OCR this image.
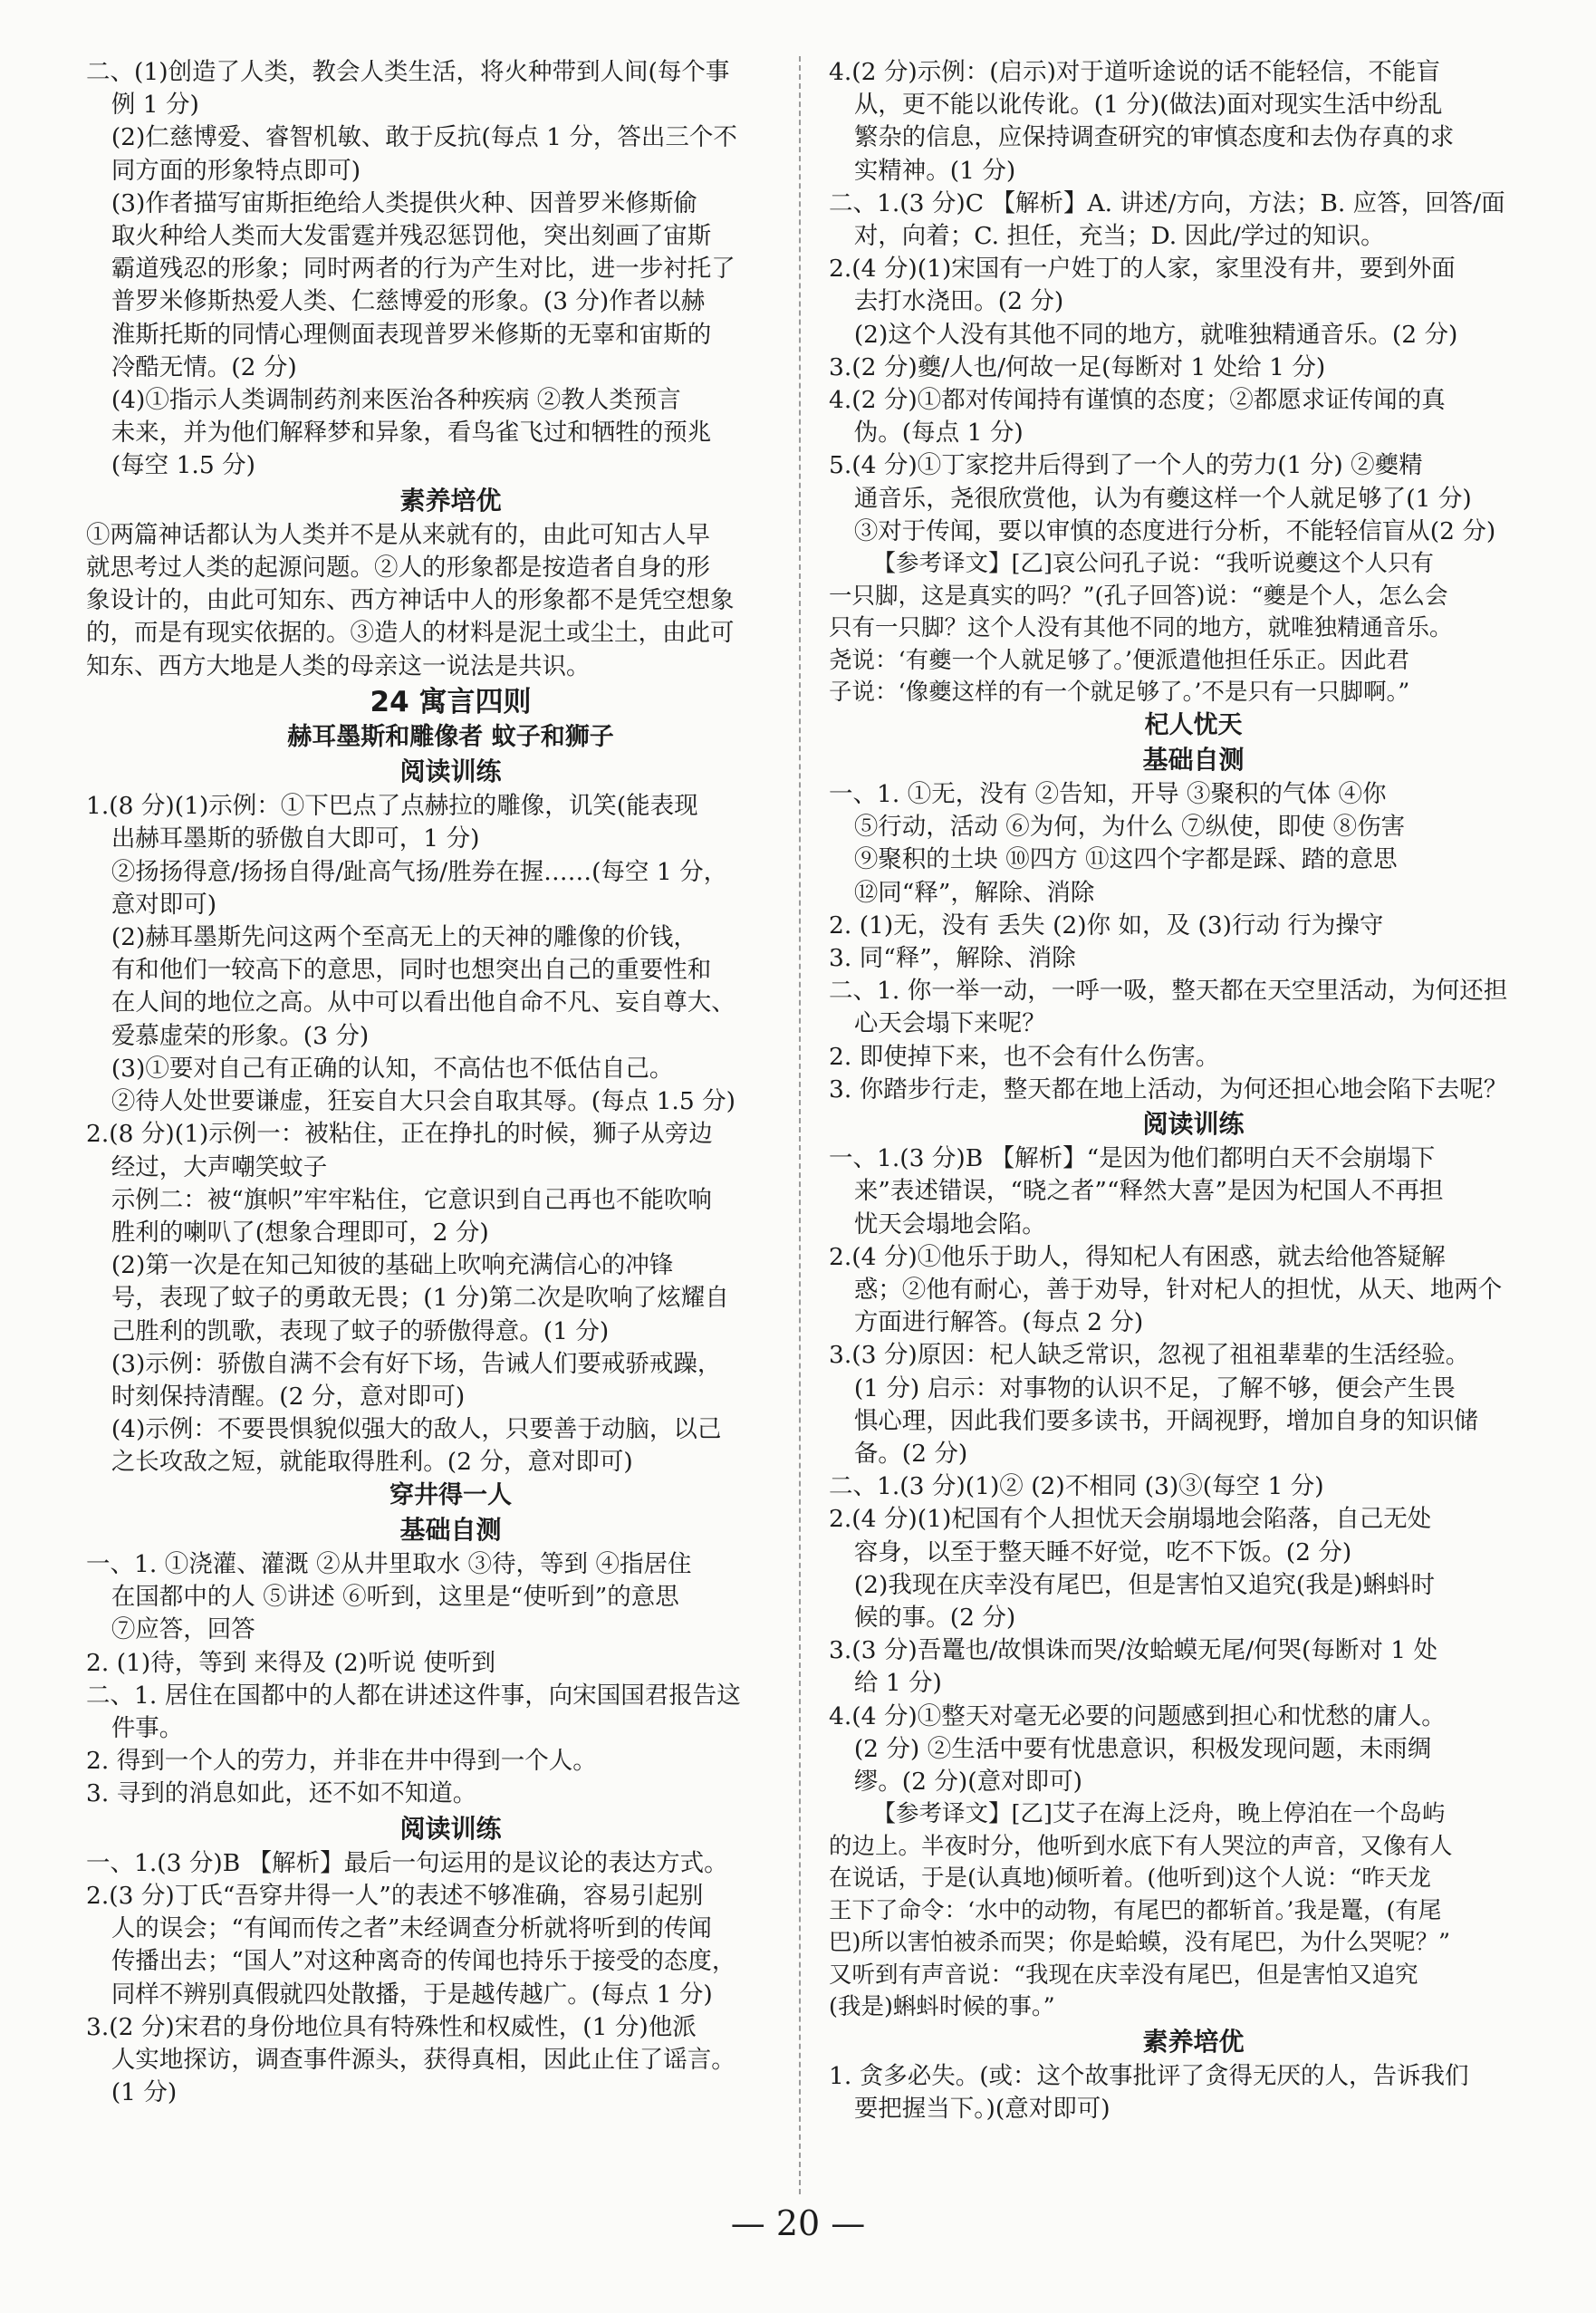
二、(1)创造了人类，教会人类生活，将火种带到人间(每个事

例 1 分)

(2)仁慈博爱、睿智机敏、敢于反抗(每点 1 分，答出三个不

同方面的形象特点即可)

(3)作者描写宙斯拒绝给人类提供火种、因普罗米修斯偷

取火种给人类而大发雷霆并残忍惩罚他，突出刻画了宙斯

霸道残忍的形象；同时两者的行为产生对比，进一步衬托了

普罗米修斯热爱人类、仁慈博爱的形象。(3 分)作者以赫

淮斯托斯的同情心理侧面表现普罗米修斯的无辜和宙斯的

冷酷无情。(2 分)

(4)①指示人类调制药剂来医治各种疾病 ②教人类预言

未来，并为他们解释梦和异象，看鸟雀飞过和牺牲的预兆

(每空 1.5 分)

素养培优

①两篇神话都认为人类并不是从来就有的，由此可知古人早

就思考过人类的起源问题。②人的形象都是按造者自身的形

象设计的，由此可知东、西方神话中人的形象都不是凭空想象

的，而是有现实依据的。③造人的材料是泥土或尘土，由此可

知东、西方大地是人类的母亲这一说法是共识。

24 寓言四则
赫耳墨斯和雕像者 蚊子和狮子
阅读训练

1.(8 分)(1)示例：①下巴点了点赫拉的雕像，讥笑(能表现

出赫耳墨斯的骄傲自大即可，1 分)

②扬扬得意/扬扬自得/趾高气扬/胜券在握……(每空 1 分，

意对即可)

(2)赫耳墨斯先问这两个至高无上的天神的雕像的价钱，

有和他们一较高下的意思，同时也想突出自己的重要性和

在人间的地位之高。从中可以看出他自命不凡、妄自尊大、

爱慕虚荣的形象。(3 分)

(3)①要对自己有正确的认知，不高估也不低估自己。

②待人处世要谦虚，狂妄自大只会自取其辱。(每点 1.5 分)

2.(8 分)(1)示例一：被粘住，正在挣扎的时候，狮子从旁边

经过，大声嘲笑蚊子

示例二：被“旗帜”牢牢粘住，它意识到自己再也不能吹响

胜利的喇叭了(想象合理即可，2 分)

(2)第一次是在知己知彼的基础上吹响充满信心的冲锋

号，表现了蚊子的勇敢无畏；(1 分)第二次是吹响了炫耀自

己胜利的凯歌，表现了蚊子的骄傲得意。(1 分)

(3)示例：骄傲自满不会有好下场，告诫人们要戒骄戒躁，

时刻保持清醒。(2 分，意对即可)

(4)示例：不要畏惧貌似强大的敌人，只要善于动脑，以己

之长攻敌之短，就能取得胜利。(2 分，意对即可)

穿井得一人
基础自测

一、1. ①浇灌、灌溉 ②从井里取水 ③待，等到 ④指居住

在国都中的人 ⑤讲述 ⑥听到，这里是“使听到”的意思

⑦应答，回答

2. (1)待，等到 来得及 (2)听说 使听到

二、1. 居住在国都中的人都在讲述这件事，向宋国国君报告这

件事。

2. 得到一个人的劳力，并非在井中得到一个人。

3. 寻到的消息如此，还不如不知道。

阅读训练

一、1.(3 分)B 【解析】最后一句运用的是议论的表达方式。

2.(3 分)丁氏“吾穿井得一人”的表述不够准确，容易引起别

人的误会；“有闻而传之者”未经调查分析就将听到的传闻

传播出去；“国人”对这种离奇的传闻也持乐于接受的态度，

同样不辨别真假就四处散播，于是越传越广。(每点 1 分)

3.(2 分)宋君的身份地位具有特殊性和权威性，(1 分)他派

人实地探访，调查事件源头，获得真相，因此止住了谣言。

(1 分)

4.(2 分)示例：(启示)对于道听途说的话不能轻信，不能盲

从，更不能以讹传讹。(1 分)(做法)面对现实生活中纷乱

繁杂的信息，应保持调查研究的审慎态度和去伪存真的求

实精神。(1 分)

二、1.(3 分)C 【解析】A. 讲述/方向，方法；B. 应答，回答/面

对，向着；C. 担任，充当；D. 因此/学过的知识。

2.(4 分)(1)宋国有一户姓丁的人家，家里没有井，要到外面

去打水浇田。(2 分)

(2)这个人没有其他不同的地方，就唯独精通音乐。(2 分)

3.(2 分)夔/人也/何故一足(每断对 1 处给 1 分)

4.(2 分)①都对传闻持有谨慎的态度；②都愿求证传闻的真

伪。(每点 1 分)

5.(4 分)①丁家挖井后得到了一个人的劳力(1 分) ②夔精

通音乐，尧很欣赏他，认为有夔这样一个人就足够了(1 分)

③对于传闻，要以审慎的态度进行分析，不能轻信盲从(2 分)

【参考译文】[乙]哀公问孔子说：“我听说夔这个人只有

一只脚，这是真实的吗？”(孔子回答)说：“夔是个人，怎么会

只有一只脚？这个人没有其他不同的地方，就唯独精通音乐。

尧说：‘有夔一个人就足够了。’便派遣他担任乐正。因此君

子说：‘像夔这样的有一个就足够了。’不是只有一只脚啊。”

杞人忧天
基础自测

一、1. ①无，没有 ②告知，开导 ③聚积的气体 ④你

⑤行动，活动 ⑥为何，为什么 ⑦纵使，即使 ⑧伤害

⑨聚积的土块 ⑩四方 ⑪这四个字都是踩、踏的意思

⑫同“释”，解除、消除

2. (1)无，没有 丢失 (2)你 如，及 (3)行动 行为操守

3. 同“释”，解除、消除

二、1. 你一举一动，一呼一吸，整天都在天空里活动，为何还担

心天会塌下来呢？

2. 即使掉下来，也不会有什么伤害。

3. 你踏步行走，整天都在地上活动，为何还担心地会陷下去呢？

阅读训练

一、1.(3 分)B 【解析】“是因为他们都明白天不会崩塌下

来”表述错误，“晓之者”“释然大喜”是因为杞国人不再担

忧天会塌地会陷。

2.(4 分)①他乐于助人，得知杞人有困惑，就去给他答疑解

惑；②他有耐心，善于劝导，针对杞人的担忧，从天、地两个

方面进行解答。(每点 2 分)

3.(3 分)原因：杞人缺乏常识，忽视了祖祖辈辈的生活经验。

(1 分) 启示：对事物的认识不足，了解不够，便会产生畏

惧心理，因此我们要多读书，开阔视野，增加自身的知识储

备。(2 分)

二、1.(3 分)(1)② (2)不相同 (3)③(每空 1 分)

2.(4 分)(1)杞国有个人担忧天会崩塌地会陷落，自己无处

容身，以至于整天睡不好觉，吃不下饭。(2 分)

(2)我现在庆幸没有尾巴，但是害怕又追究(我是)蝌蚪时

候的事。(2 分)

3.(3 分)吾鼍也/故惧诛而哭/汝蛤蟆无尾/何哭(每断对 1 处

给 1 分)

4.(4 分)①整天对毫无必要的问题感到担心和忧愁的庸人。

(2 分) ②生活中要有忧患意识，积极发现问题，未雨绸

缪。(2 分)(意对即可)

【参考译文】[乙]艾子在海上泛舟，晚上停泊在一个岛屿

的边上。半夜时分，他听到水底下有人哭泣的声音，又像有人

在说话，于是(认真地)倾听着。(他听到)这个人说：“昨天龙

王下了命令：‘水中的动物，有尾巴的都斩首。’我是鼍，(有尾

巴)所以害怕被杀而哭；你是蛤蟆，没有尾巴，为什么哭呢？”

又听到有声音说：“我现在庆幸没有尾巴，但是害怕又追究

(我是)蝌蚪时候的事。”

素养培优

1. 贪多必失。(或：这个故事批评了贪得无厌的人，告诉我们

要把握当下。)(意对即可)

— 20 —
